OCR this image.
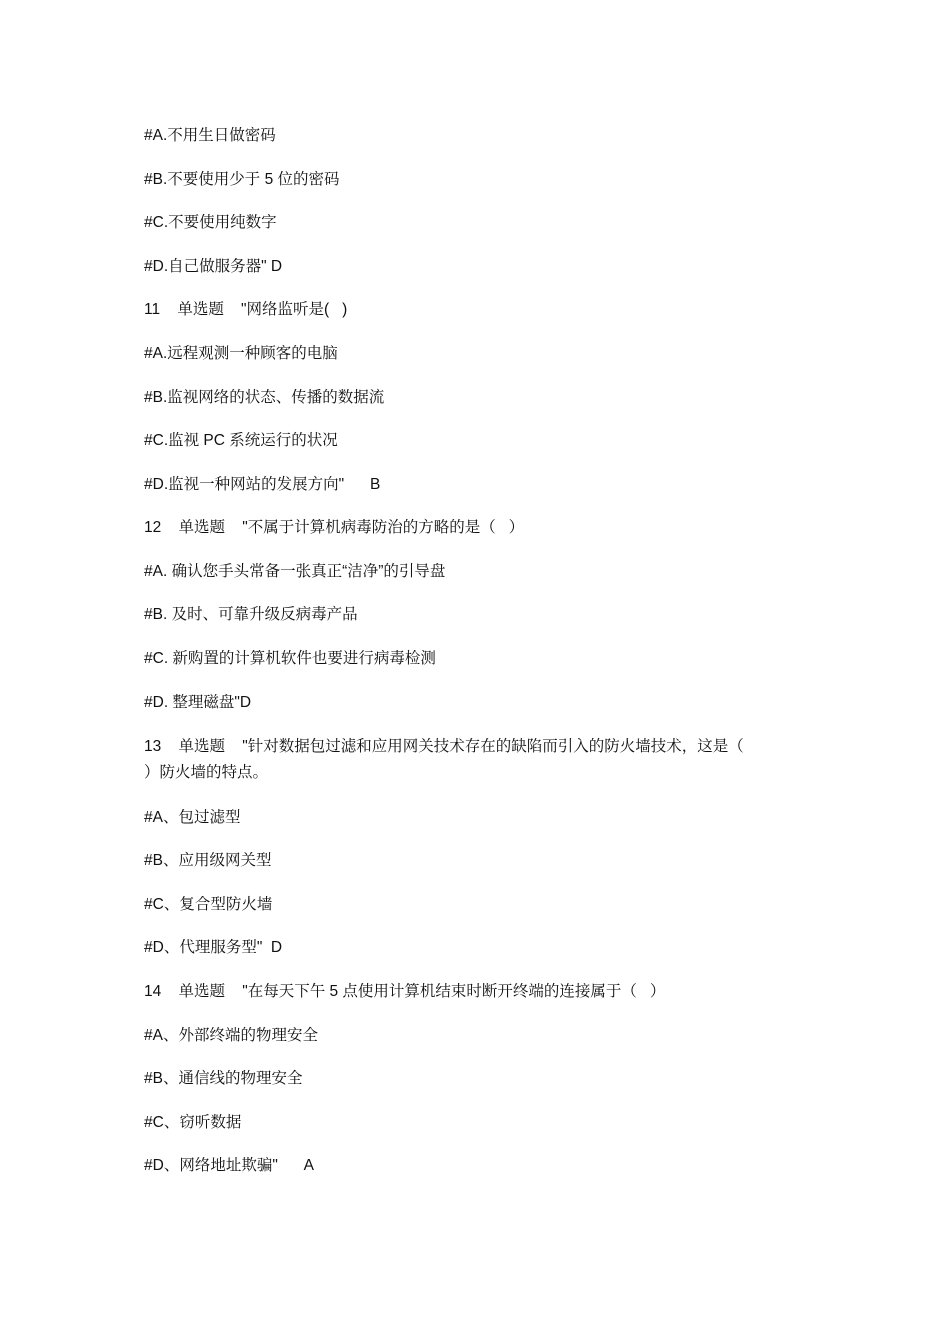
#A.不用生日做密码
#B.不要使用少于 5 位的密码
#C.不要使用纯数字
#D.自己做服务器" D
11    单选题    "网络监听是(   )
#A.远程观测一种顾客的电脑
#B.监视网络的状态、传播的数据流
#C.监视 PC 系统运行的状况
#D.监视一种网站的发展方向"      B
12    单选题    "不属于计算机病毒防治的方略的是（   ）
#A. 确认您手头常备一张真正“洁净”的引导盘
#B. 及时、可靠升级反病毒产品
#C. 新购置的计算机软件也要进行病毒检测
#D. 整理磁盘"D
13    单选题    "针对数据包过滤和应用网关技术存在的缺陷而引入的防火墙技术，这是（
）防火墙的特点。
#A、包过滤型
#B、应用级网关型
#C、复合型防火墙
#D、代理服务型"  D
14    单选题    "在每天下午 5 点使用计算机结束时断开终端的连接属于（   ）
#A、外部终端的物理安全
#B、通信线的物理安全
#C、窃听数据
#D、网络地址欺骗"      A
